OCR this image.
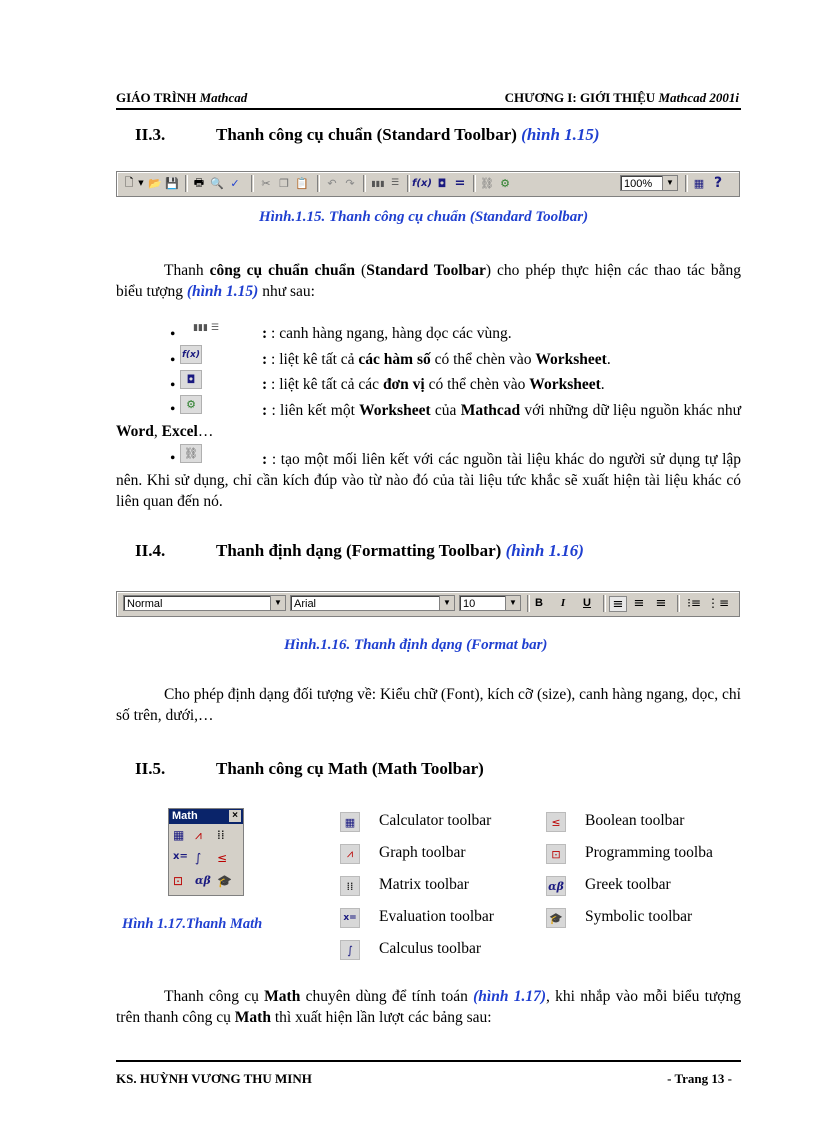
GIÁO TRÌNH Mathcad	CHƯƠNG I: GIỚI THIỆU Mathcad 2001i
II.3.	Thanh công cụ chuẩn (Standard Toolbar) (hình 1.15)
🗋 ▼ 📂 💾 🖶 🔍 ✓	✂ ❐ 📋 ↶ ↷ ▮▮▮ ☰ f(x) ◘ = ⛓ ⚙	100%	▼ ▦ ?
Hình.1.15. Thanh công cụ chuẩn (Standard Toolbar)
Thanh công cụ chuẩn chuẩn (Standard Toolbar) cho phép thực hiện các thao tác bằng biểu tượng (hình 1.15) như sau:
•	▮▮▮ ☰	: : canh hàng ngang, hàng dọc các vùng.
• f(x)	: : liệt kê tất cả các hàm số có thể chèn vào Worksheet.
•	◘	: : liệt kê tất cả các đơn vị có thể chèn vào Worksheet.
• ⚙	: : liên kết một Worksheet của Mathcad với những dữ liệu nguồn khác như Word, Excel…
• ⛓	: : tạo một mối liên kết với các nguồn tài liệu khác do người sử dụng tự lập nên. Khi sử dụng, chỉ cần kích đúp vào từ nào đó của tài liệu tức khắc sẽ xuất hiện tài liệu khác có liên quan đến nó.
II.4.	Thanh định dạng (Formatting Toolbar) (hình 1.16)
Normal	▼	Arial	▼	10	▼	B	I	U	≡ ≡ ≡ ⁝≡ ⋮≡
Hình.1.16. Thanh định dạng (Format bar)
Cho phép định dạng đối tượng về: Kiểu chữ (Font), kích cỡ (size), canh hàng ngang, dọc, chỉ số trên, dưới,…
II.5.	Thanh công cụ Math (Math Toolbar)
Math	×
▦ ⩘	⁞⁞
x= ∫	≤
⊡	αβ 🎓
Hình 1.17.Thanh Math
▦	Calculator toolbar
⩘	Graph toolbar
⁞⁞	Matrix toolbar
x= Evaluation toolbar
∫	Calculus toolbar
≤	Boolean toolbar
⊡	Programming toolba
αβ Greek toolbar
🎓 Symbolic toolbar
Thanh công cụ Math chuyên dùng để tính toán (hình 1.17), khi nhắp vào mỗi biểu tượng trên thanh công cụ Math thì xuất hiện lần lượt các bảng sau:
KS. HUỲNH VƯƠNG THU MINH	- Trang 13 -
